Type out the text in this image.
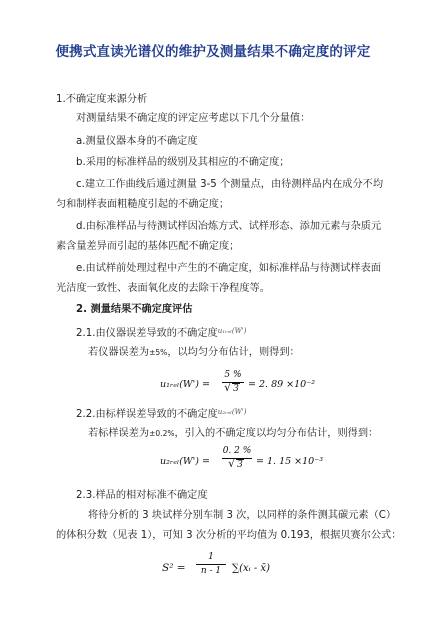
便携式直读光谱仪的维护及测量结果不确定度的评定
1.不确定度来源分析
对测量结果不确定度的评定应考虑以下几个分量值：
a.测量仪器本身的不确定度
b.采用的标准样品的级别及其相应的不确定度；
c.建立工作曲线后通过测量 3-5 个测量点，由待测样品内在成分不均
匀和制样表面粗糙度引起的不确定度；
d.由标准样品与待测试样因冶炼方式、试样形态、添加元素与杂质元
素含量差异而引起的基体匹配不确定度；
e.由试样前处理过程中产生的不确定度，如标准样品与待测试样表面
光洁度一致性、表面氧化皮的去除干净程度等。
2. 测量结果不确定度评估
2.1.由仪器误差导致的不确定度$^{u_1ᵣ_{el}(W')}$
若仪器误差为±5%，以均匀分布估计，则得到：
u₁ᵣₑₗ(W') =
5 %
√ 3 = 2. 89 ×10⁻²
2.2.由标样误差导致的不确定度$^{u_2ᵣ_{el}(W')}$
若标样误差为±0.2%，引入的不确定度以均匀分布估计，则得到：
u₂ᵣₑₗ(W') =
0. 2 %
√ 3	= 1. 15 ×10⁻³
2.3.样品的相对标准不确定度
将待分析的 3 块试样分别车制 3 次，以同样的条件测其碳元素（C）
的体积分数（见表 1），可知 3 次分析的平均值为 0.193，根据贝赛尔公式：
S² =
1
n - 1	∑(xᵢ - x̄)
